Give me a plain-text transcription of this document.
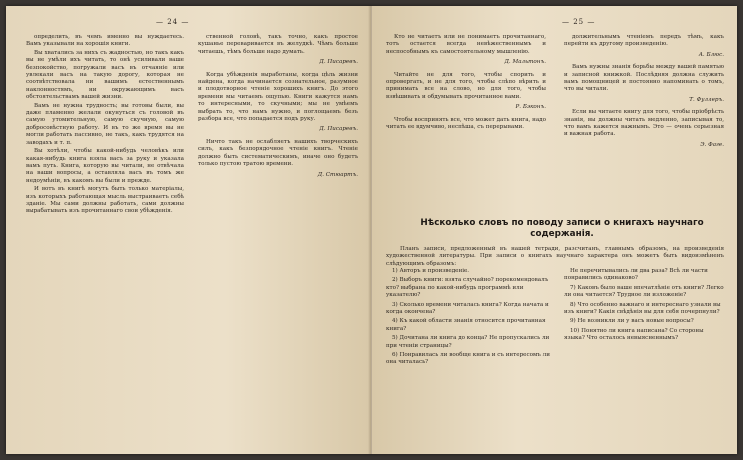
— 24 —

определить, въ чемъ именно вы нуждаетесь. Вамъ указывали на хорошія книги.

Вы хватались за нихъ съ жадностью, но такъ какъ вы не умѣли ихъ читать, то онѣ усиливали ваше безпокойство, погружали васъ въ отчаяніе или увлекали васъ на такую дорогу, которая не соотвѣтствовала ни вашимъ естественнымъ наклонностямъ, ни окружающимъ васъ обстоятельствамъ вашей жизни.

Вамъ не нужна трудность; вы готовы были, вы даже пламенно желали окунуться съ головой въ самую утомительную, самую скучную, самую добросовѣстную работу. И въ то же время вы не могли работать пассивно, не такъ, какъ трудятся на заводахъ и т. п.

Вы хотѣли, чтобы какой-нибудь человѣкъ или какая-нибудь книга взяла васъ за руку и указала вамъ путь. Книга, которую вы читали, не отвѣчала на ваши вопросы, а оставляла васъ въ томъ же недоумѣніи, въ какомъ вы были и прежде.

И вотъ въ книгѣ могутъ быть только матеріалы, изъ которыхъ работающая мысль выстраиваетъ себѣ зданіе. Мы сами должны работать, сами должны вырабатывать изъ прочитаннаго свои убѣжденія.

ственной головѣ, такъ точно, какъ простое кушанье переваривается въ желудкѣ. Чѣмъ больше читаешь, тѣмъ больше надо думать.

Д. Писаревъ.

Когда убѣжденія выработаны, когда цѣль жизни найдена, когда начинается сознательное, разумное и плодотворное чтеніе хорошихъ книгъ. До этого времени мы читаемъ ощупью. Книги кажутся намъ то интересными, то скучными; мы не умѣемъ выбрать то, что намъ нужно, и поглощаемъ безъ разбора все, что попадается подъ руку.

Д. Писаревъ.

Ничто такъ не ослабляетъ нашихъ творческихъ силъ, какъ безпорядочное чтеніе книгъ. Чтеніе должно быть систематическимъ, иначе оно будетъ только пустою тратою времени.

Д. Стюартъ.

— 25 —

Кто не читаетъ или не понимаетъ прочитаннаго, тотъ остается всегда невѣжественнымъ и неспособнымъ къ самостоятельному мышленію.

Д. Мальтонъ.

Читайте не для того, чтобы спорить и опровергать, и не для того, чтобы слѣпо вѣрить и принимать все на слово, но для того, чтобы взвѣшивать и обдумывать прочитанное вами.

Р. Бэконъ.

Чтобы воспринять все, что может дать книга, надо читать ее вдумчиво, неспѣша, съ перерывами.

должительнымъ чтеніемъ передъ тѣмъ, какъ перейти къ другому произведенію.

А. Блюс.

Вамъ нужны знанія борьбы между вашей памятью и записной книжкой. Послѣдняя должна служить вамъ помощницей и постоянно напоминать о томъ, что вы читали.

Т. Фуллеръ.

Если вы читаете книгу для того, чтобы пріобрѣсть знанія, вы должны читать медленно, записывая то, что вамъ кажется важнымъ. Это — очень серьезная и важная работа.

Э. Фаге.

Нѣсколько словъ по поводу записи о книгахъ научнаго содержанія.

Планъ записи, предложенный въ нашей тетради, разсчитанъ, главнымъ образомъ, на произведенія художественной литературы. При записи о книгахъ научнаго характера онъ можетъ быть видоизмѣненъ слѣдующимъ образомъ:

1) Авторъ и произведеніе.
2) Выборъ книги: взята случайно? порекомендовалъ кто? выбрана по какой-нибудь программѣ или указателю?
3) Сколько времени читалась книга? Когда начата и когда окончена?
4) Къ какой области знанія относится прочитанная книга?
5) Дочитана ли книга до конца? Не пропускались ли при чтеніи страницы?
6) Понравилась ли вообще книга и съ интересомъ ли она читалась?
Не перечитывались ли два раза? Всѣ ли части понравились одинаково?
7) Каковъ было ваше впечатлѣніе отъ книги? Легко ли она читается? Трудное ли изложеніе?
8) Что особенно важнаго и интереснаго узнали вы изъ книги? Какія свѣдѣнія вы для себя почерпнули?
9) Не возникли ли у васъ новые вопросы?
10) Понятно ли книга написана? Со стороны языка? Что осталось невыясненнымъ?
